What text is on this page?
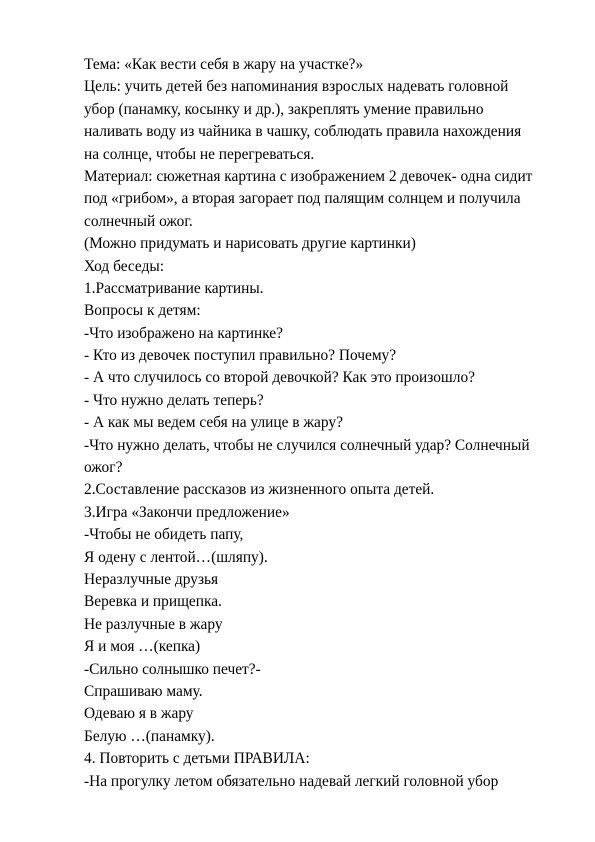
Тема: «Как вести себя в жару на участке?»
Цель: учить детей без напоминания взрослых надевать головной
убор (панамку, косынку и др.), закреплять умение правильно
наливать воду из чайника в чашку, соблюдать правила нахождения
на солнце, чтобы не перегреваться.
Материал: сюжетная картина с изображением 2 девочек- одна сидит
под «грибом», а вторая загорает под палящим солнцем и получила
солнечный ожог.
(Можно придумать и нарисовать другие картинки)
Ход беседы:
1.Рассматривание картины.
Вопросы к детям:
-Что изображено на картинке?
- Кто из девочек поступил правильно? Почему?
- А что случилось со второй девочкой? Как это произошло?
- Что нужно делать теперь?
- А как мы ведем себя на улице в жару?
-Что нужно делать, чтобы не случился солнечный удар? Солнечный
ожог?
2.Составление рассказов из жизненного опыта детей.
3.Игра «Закончи предложение»
-Чтобы не обидеть папу,
Я одену с лентой…(шляпу).
Неразлучные друзья
Веревка и прищепка.
Не разлучные в жару
Я и моя …(кепка)
-Сильно солнышко печет?-
Спрашиваю маму.
Одеваю я в жару
Белую …(панамку).
4. Повторить с детьми ПРАВИЛА:
-На прогулку летом обязательно надевай легкий головной убор
